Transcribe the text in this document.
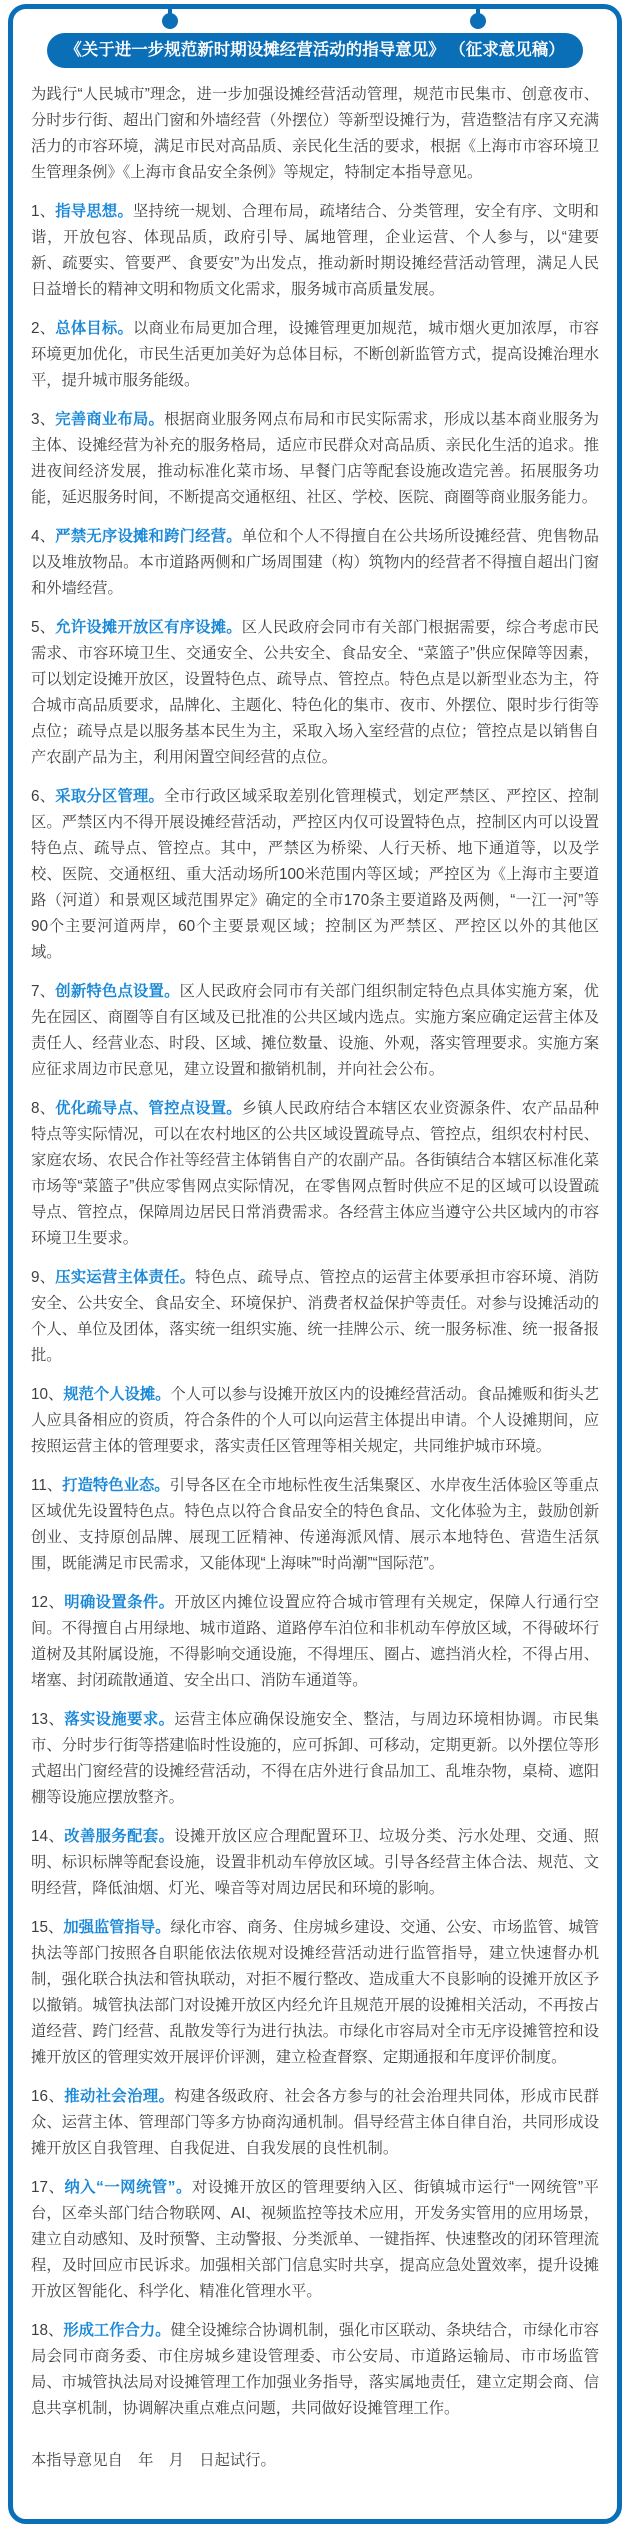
《关于进一步规范新时期设摊经营活动的指导意见》 （征求意见稿）

为践行“人民城市”理念，进一步加强设摊经营活动管理，规范市民集市、创意夜市、分时步行街、超出门窗和外墙经营（外摆位）等新型设摊行为，营造整洁有序又充满活力的市容环境，满足市民对高品质、亲民化生活的要求，根据《上海市市容环境卫生管理条例》《上海市食品安全条例》等规定，特制定本指导意见。

1、指导思想。坚持统一规划、合理布局，疏堵结合、分类管理，安全有序、文明和谐，开放包容、体现品质，政府引导、属地管理，企业运营、个人参与，以“建要新、疏要实、管要严、食要安”为出发点，推动新时期设摊经营活动管理，满足人民日益增长的精神文明和物质文化需求，服务城市高质量发展。

2、总体目标。以商业布局更加合理，设摊管理更加规范，城市烟火更加浓厚，市容环境更加优化，市民生活更加美好为总体目标，不断创新监管方式，提高设摊治理水平，提升城市服务能级。

3、完善商业布局。根据商业服务网点布局和市民实际需求，形成以基本商业服务为主体、设摊经营为补充的服务格局，适应市民群众对高品质、亲民化生活的追求。推进夜间经济发展，推动标准化菜市场、早餐门店等配套设施改造完善。拓展服务功能，延迟服务时间，不断提高交通枢纽、社区、学校、医院、商圈等商业服务能力。

4、严禁无序设摊和跨门经营。单位和个人不得擅自在公共场所设摊经营、兜售物品以及堆放物品。本市道路两侧和广场周围建（构）筑物内的经营者不得擅自超出门窗和外墙经营。

5、允许设摊开放区有序设摊。区人民政府会同市有关部门根据需要，综合考虑市民需求、市容环境卫生、交通安全、公共安全、食品安全、“菜篮子”供应保障等因素，可以划定设摊开放区，设置特色点、疏导点、管控点。特色点是以新型业态为主，符合城市高品质要求，品牌化、主题化、特色化的集市、夜市、外摆位、限时步行街等点位；疏导点是以服务基本民生为主，采取入场入室经营的点位；管控点是以销售自产农副产品为主，利用闲置空间经营的点位。

6、采取分区管理。全市行政区域采取差别化管理模式，划定严禁区、严控区、控制区。严禁区内不得开展设摊经营活动，严控区内仅可设置特色点，控制区内可以设置特色点、疏导点、管控点。其中，严禁区为桥梁、人行天桥、地下通道等，以及学校、医院、交通枢纽、重大活动场所100米范围内等区域；严控区为《上海市主要道路（河道）和景观区域范围界定》确定的全市170条主要道路及两侧，“一江一河”等90个主要河道两岸，60个主要景观区域；控制区为严禁区、严控区以外的其他区域。

7、创新特色点设置。区人民政府会同市有关部门组织制定特色点具体实施方案，优先在园区、商圈等自有区域及已批准的公共区域内选点。实施方案应确定运营主体及责任人、经营业态、时段、区域、摊位数量、设施、外观，落实管理要求。实施方案应征求周边市民意见，建立设置和撤销机制，并向社会公布。

8、优化疏导点、管控点设置。乡镇人民政府结合本辖区农业资源条件、农产品品种特点等实际情况，可以在农村地区的公共区域设置疏导点、管控点，组织农村村民、家庭农场、农民合作社等经营主体销售自产的农副产品。各街镇结合本辖区标准化菜市场等“菜篮子”供应零售网点实际情况，在零售网点暂时供应不足的区域可以设置疏导点、管控点，保障周边居民日常消费需求。各经营主体应当遵守公共区域内的市容环境卫生要求。

9、压实运营主体责任。特色点、疏导点、管控点的运营主体要承担市容环境、消防安全、公共安全、食品安全、环境保护、消费者权益保护等责任。对参与设摊活动的个人、单位及团体，落实统一组织实施、统一挂牌公示、统一服务标准、统一报备报批。

10、规范个人设摊。个人可以参与设摊开放区内的设摊经营活动。食品摊贩和街头艺人应具备相应的资质，符合条件的个人可以向运营主体提出申请。个人设摊期间，应按照运营主体的管理要求，落实责任区管理等相关规定，共同维护城市环境。

11、打造特色业态。引导各区在全市地标性夜生活集聚区、水岸夜生活体验区等重点区域优先设置特色点。特色点以符合食品安全的特色食品、文化体验为主，鼓励创新创业、支持原创品牌、展现工匠精神、传递海派风情、展示本地特色、营造生活氛围，既能满足市民需求，又能体现“上海味”“时尚潮”“国际范”。

12、明确设置条件。开放区内摊位设置应符合城市管理有关规定，保障人行通行空间。不得擅自占用绿地、城市道路、道路停车泊位和非机动车停放区域，不得破坏行道树及其附属设施，不得影响交通设施，不得埋压、圈占、遮挡消火栓，不得占用、堵塞、封闭疏散通道、安全出口、消防车通道等。

13、落实设施要求。运营主体应确保设施安全、整洁，与周边环境相协调。市民集市、分时步行街等搭建临时性设施的，应可拆卸、可移动，定期更新。以外摆位等形式超出门窗经营的设摊经营活动，不得在店外进行食品加工、乱堆杂物，桌椅、遮阳棚等设施应摆放整齐。

14、改善服务配套。设摊开放区应合理配置环卫、垃圾分类、污水处理、交通、照明、标识标牌等配套设施，设置非机动车停放区域。引导各经营主体合法、规范、文明经营，降低油烟、灯光、噪音等对周边居民和环境的影响。

15、加强监管指导。绿化市容、商务、住房城乡建设、交通、公安、市场监管、城管执法等部门按照各自职能依法依规对设摊经营活动进行监管指导，建立快速督办机制，强化联合执法和管执联动，对拒不履行整改、造成重大不良影响的设摊开放区予以撤销。城管执法部门对设摊开放区内经允许且规范开展的设摊相关活动，不再按占道经营、跨门经营、乱散发等行为进行执法。市绿化市容局对全市无序设摊管控和设摊开放区的管理实效开展评价评测，建立检查督察、定期通报和年度评价制度。

16、推动社会治理。构建各级政府、社会各方参与的社会治理共同体，形成市民群众、运营主体、管理部门等多方协商沟通机制。倡导经营主体自律自治，共同形成设摊开放区自我管理、自我促进、自我发展的良性机制。

17、纳入“一网统管”。对设摊开放区的管理要纳入区、街镇城市运行“一网统管”平台，区牵头部门结合物联网、AI、视频监控等技术应用，开发务实管用的应用场景，建立自动感知、及时预警、主动警报、分类派单、一键指挥、快速整改的闭环管理流程，及时回应市民诉求。加强相关部门信息实时共享，提高应急处置效率，提升设摊开放区智能化、科学化、精准化管理水平。

18、形成工作合力。健全设摊综合协调机制，强化市区联动、条块结合，市绿化市容局会同市商务委、市住房城乡建设管理委、市公安局、市道路运输局、市市场监管局、市城管执法局对设摊管理工作加强业务指导，落实属地责任，建立定期会商、信息共享机制，协调解决重点难点问题，共同做好设摊管理工作。

本指导意见自　年　月　日起试行。
